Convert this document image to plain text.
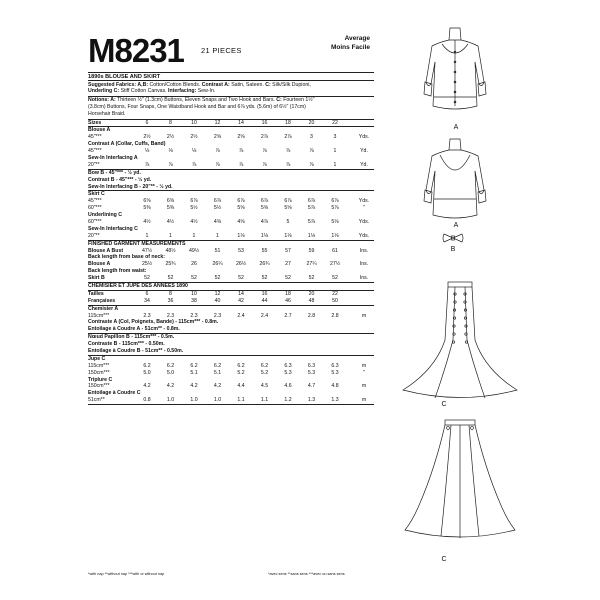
M8231 21 PIECES
Average
Moins Facile
1890s BLOUSE AND SKIRT
Suggested Fabrics: A,B: Cotton/Cotton Blends. Contrast A: Satin, Sateen. C: Silk/Silk Dupioni,
Underling C: Stiff Cotton Canvas. Interfacing: Sew-In.
Notions: A: Thirteen ½" (1.3cm) Buttons, Eleven Snaps and Two Hook and Bars. C: Fourteen 1½"
(3.8cm) Buttons, Four Snaps, One Waistband Hook and Bar and 6⅞ yds. (5.6m) of 6½" (17cm)
Horsehair Braid.
Sizes	6	8	10	12	14	16	18	20	22
Blouse A
45"***	2½	2½	2½	2⅝	2⅝	2⅞	2⅞	3	3	Yds.
Contrast A (Collar, Cuffs, Band)
45"***	⅛	⅛	⅛	⅞	⅞	⅞	⅞	⅞	1	Yd.
Sew-In Interfacing A
20"**	⅞	⅞	⅞	⅞	⅞	⅞	⅞	⅞	1	Yd.
Bow B - 45"*** - ½ yd.
Contrast B - 45"*** - ½ yd.
Sew-In Interfacing B - 20"** - ½ yd.
Skirt C
45"***	6⅝	6⅝	6⅞	6⅞	6⅞	6⅞	6⅞	6⅞	6⅞	Yds.
60"***	5⅜	5⅜	5½	5½	5⅝	5⅝	5⅝	5⅞	5⅞	"
Underlining C
60"***	4½	4½	4½	4⅝	4⅝	4⅞	5	5⅞	5⅛	Yds.
Sew-In Interfacing C
20"**	1	1	1	1	1⅛	1⅛	1⅛	1⅛	1⅛	Yds.
FINISHED GARMENT MEASUREMENTS
Blouse A Bust	47½	48½	49½	51	53	55	57	59	61	Ins.
Back length from base of neck:
Blouse A	25½	25¾	26	26¼	26½	26¾	27	27¼	27½	Ins.
Back length from waist:
Skirt B	52	52	52	52	52	52	52	52	52	Ins.
CHEMISIER ET JUPE DES ANNÉES 1890
Tailles	6	8	10	12	14	16	18	20	22
Françaises	34	36	38	40	42	44	46	48	50
Chemisier A
115cm***	2.3	2.3	2.3	2.3	2.4	2.4	2.7	2.8	2.8	m
Contraste A (Col, Poignets, Bande) - 115cm*** - 0.8m.
Entoilage à Coudre A - 51cm** - 0.8m.
Nœud Papillon B - 115cm*** - 0.5m.
Contraste B - 115cm*** - 0.50m.
Entoilage à Coudre B - 51cm** - 0.50m.
Jupe C
115cm***	6.2	6.2	6.2	6.2	6.2	6.2	6.3	6.3	6.3	m
150cm***	5.0	5.0	5.1	5.1	5.2	5.2	5.3	5.3	5.3	"
Triplure C
150cm***	4.2	4.2	4.2	4.2	4.4	4.5	4.6	4.7	4.8	m
Entoilage à Coudre C
51cm**	0.8	1.0	1.0	1.0	1.1	1.1	1.2	1.3	1.3	m
*with nap **without nap ***with or without nap	*avec sens **sans sens ***avec ou sans sens
A
A
B
C
C
